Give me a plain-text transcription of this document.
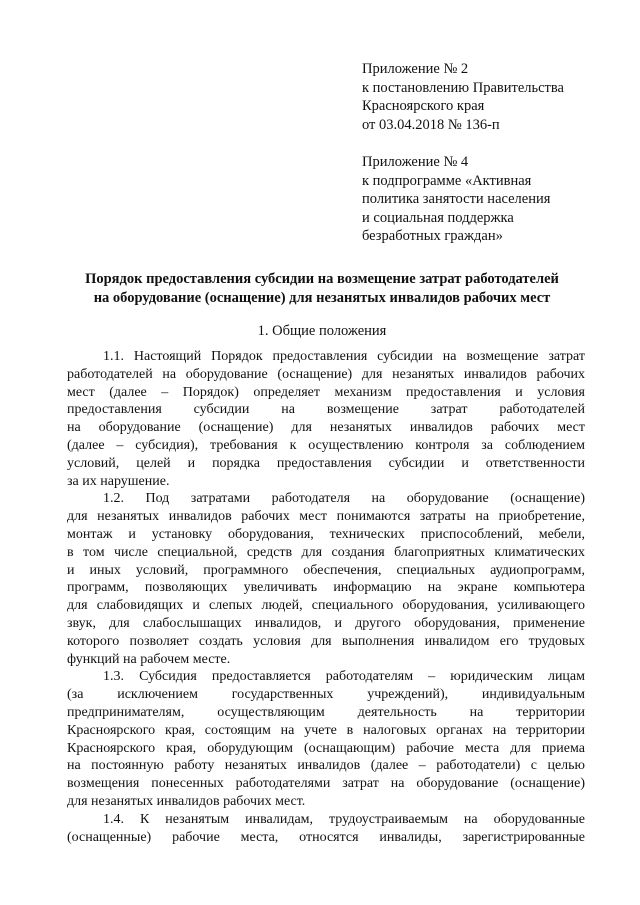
Приложение № 2
к постановлению Правительства
Красноярского края
от 03.04.2018 № 136-п

Приложение № 4
к подпрограмме «Активная
политика занятости населения
и социальная поддержка
безработных граждан»

Порядок предоставления субсидии на возмещение затрат работодателей
на оборудование (оснащение) для незанятых инвалидов рабочих мест
1. Общие положения
1.1. Настоящий Порядок предоставления субсидии на возмещение затрат
работодателей на оборудование (оснащение) для незанятых инвалидов рабочих
мест (далее – Порядок) определяет механизм предоставления и условия
предоставления субсидии на возмещение затрат работодателей
на оборудование (оснащение) для незанятых инвалидов рабочих мест
(далее – субсидия), требования к осуществлению контроля за соблюдением
условий, целей и порядка предоставления субсидии и ответственности
за их нарушение.
1.2. Под затратами работодателя на оборудование (оснащение)
для незанятых инвалидов рабочих мест понимаются затраты на приобретение,
монтаж и установку оборудования, технических приспособлений, мебели,
в том числе специальной, средств для создания благоприятных климатических
и иных условий, программного обеспечения, специальных аудиопрограмм,
программ, позволяющих увеличивать информацию на экране компьютера
для слабовидящих и слепых людей, специального оборудования, усиливающего
звук, для слабослышащих инвалидов, и другого оборудования, применение
которого позволяет создать условия для выполнения инвалидом его трудовых
функций на рабочем месте.
1.3. Субсидия предоставляется работодателям – юридическим лицам
(за исключением государственных учреждений), индивидуальным
предпринимателям, осуществляющим деятельность на территории
Красноярского края, состоящим на учете в налоговых органах на территории
Красноярского края, оборудующим (оснащающим) рабочие места для приема
на постоянную работу незанятых инвалидов (далее – работодатели) с целью
возмещения понесенных работодателями затрат на оборудование (оснащение)
для незанятых инвалидов рабочих мест.
1.4. К незанятым инвалидам, трудоустраиваемым на оборудованные
(оснащенные) рабочие места, относятся инвалиды, зарегистрированные
